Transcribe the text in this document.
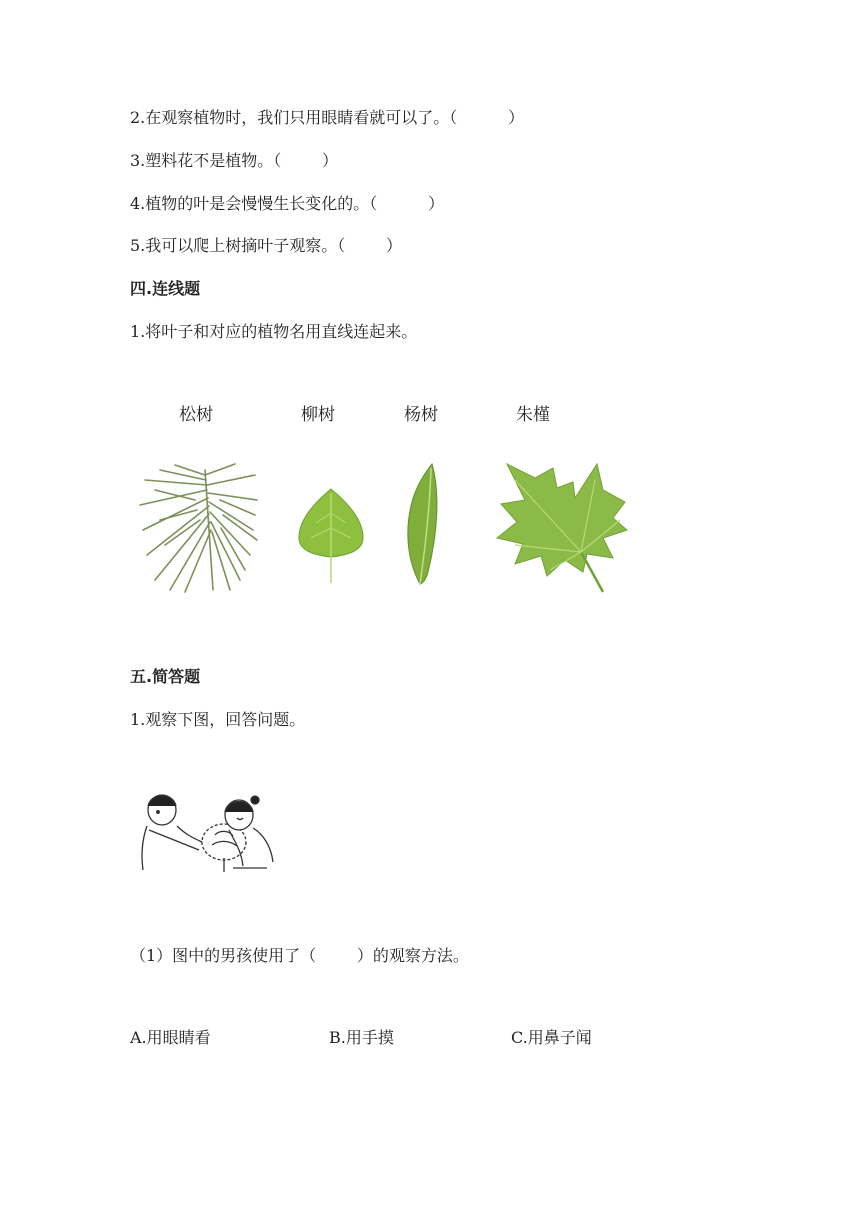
2.在观察植物时，我们只用眼睛看就可以了。（          ）
3.塑料花不是植物。（        ）
4.植物的叶是会慢慢生长变化的。（          ）
5.我可以爬上树摘叶子观察。（        ）
四.连线题
1.将叶子和对应的植物名用直线连起来。
松树	柳树	杨树	朱槿
五.简答题
1.观察下图，回答问题。
（1）图中的男孩使用了（        ）的观察方法。
A.用眼睛看	B.用手摸	C.用鼻子闻
